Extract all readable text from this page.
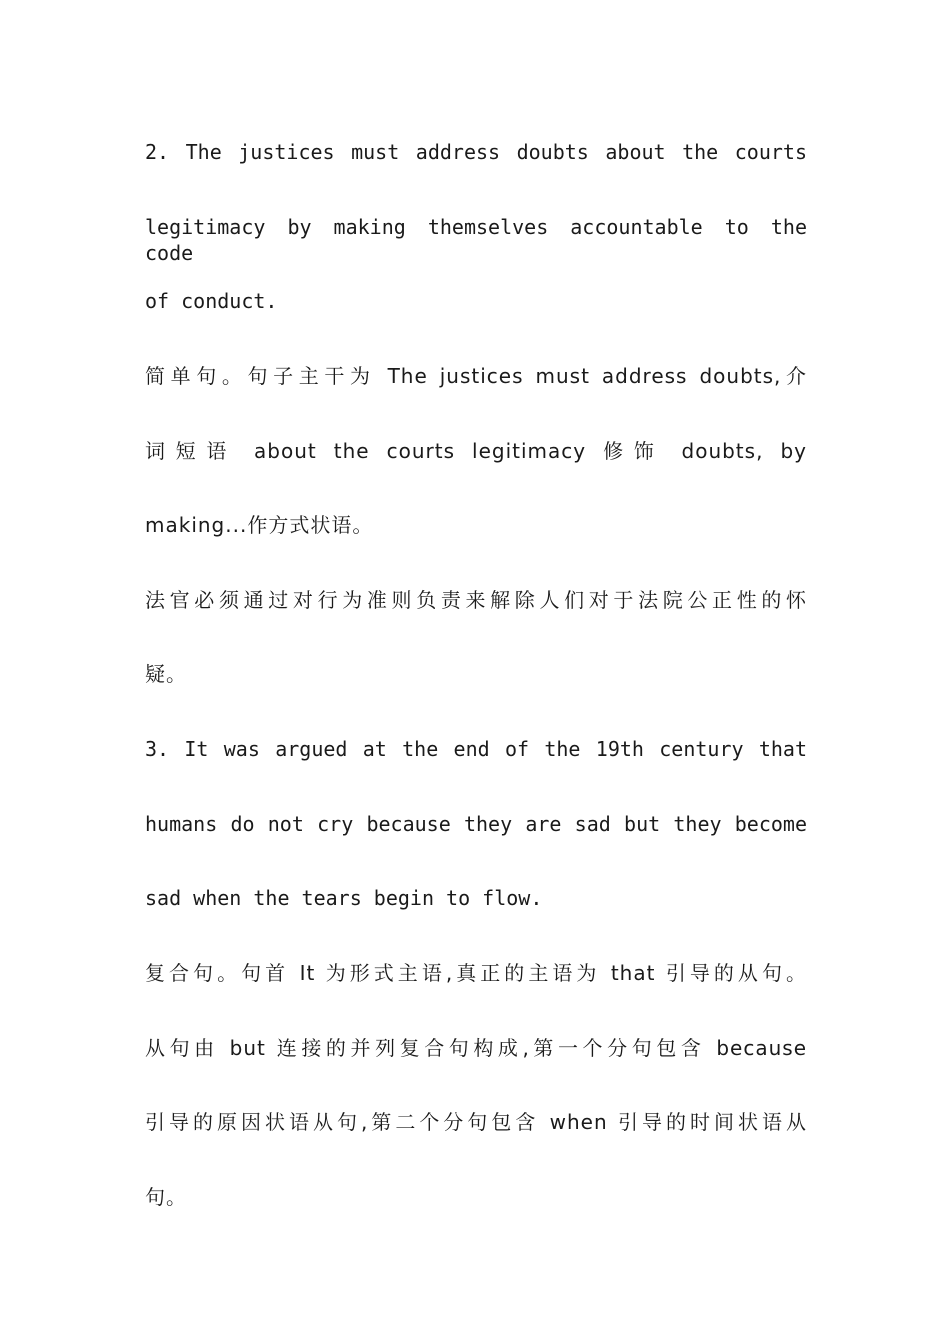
2. The justices must address doubts about the courts
legitimacy by making themselves accountable to the code
of conduct.
简单句。句子主干为 The justices must address doubts,介
词短语 about the courts legitimacy 修饰 doubts, by
making...作方式状语。
法官必须通过对行为准则负责来解除人们对于法院公正性的怀
疑。
3. It was argued at the end of the 19th century that
humans do not cry because they are sad but they become
sad when the tears begin to flow.
复合句。句首 It 为形式主语,真正的主语为 that 引导的从句。
从句由 but 连接的并列复合句构成,第一个分句包含 because
引导的原因状语从句,第二个分句包含 when 引导的时间状语从
句。
